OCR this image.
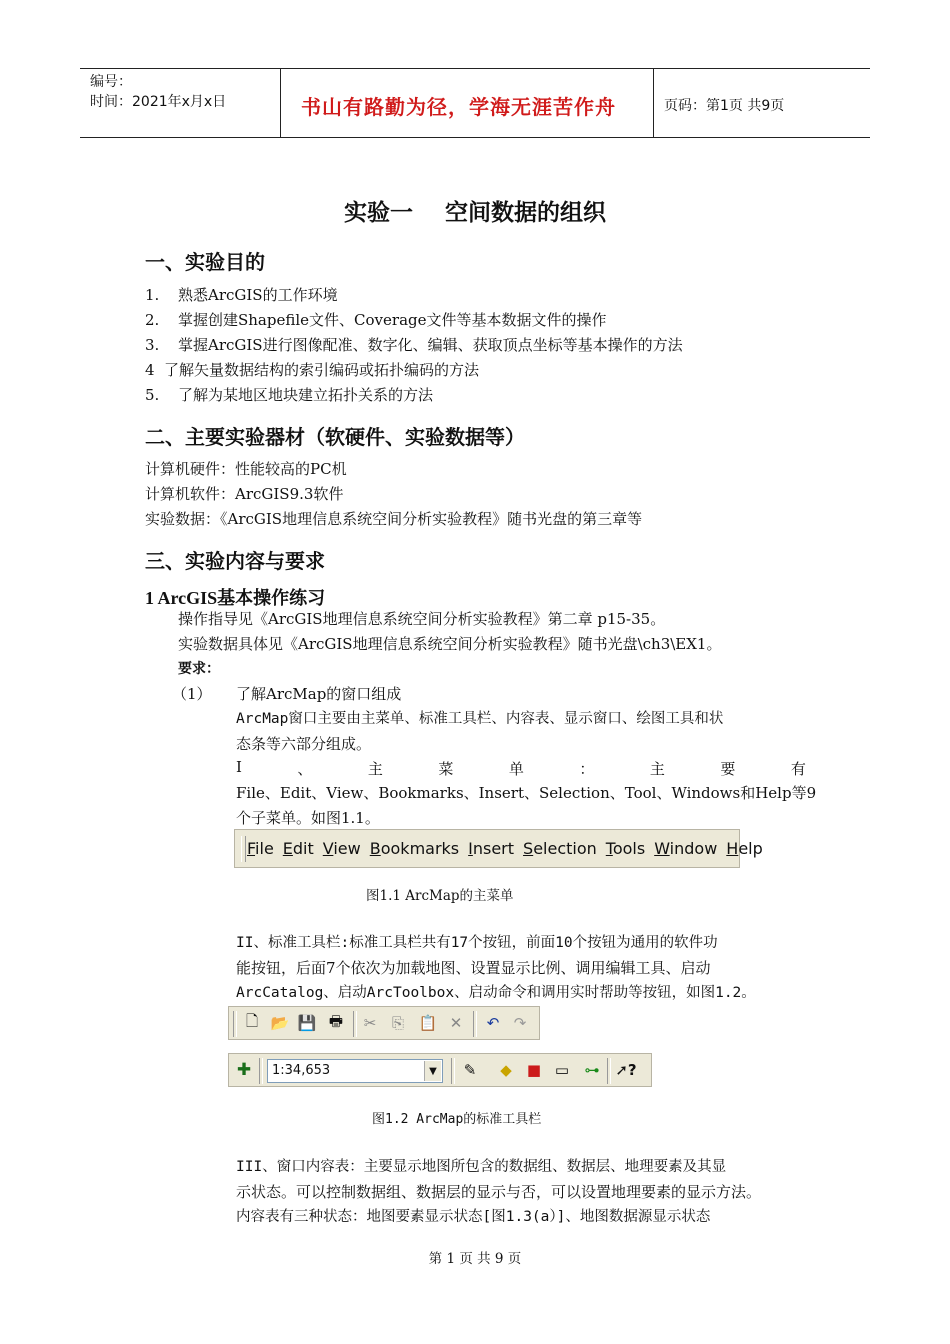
编号：
时间：2021年x月x日	书山有路勤为径，学海无涯苦作舟	页码：第1页 共9页
实验一    空间数据的组织
一、实验目的
1. 熟悉ArcGIS的工作环境
2. 掌握创建Shapefile文件、Coverage文件等基本数据文件的操作
3. 掌握ArcGIS进行图像配准、数字化、编辑、获取顶点坐标等基本操作的方法
4 了解矢量数据结构的索引编码或拓扑编码的方法
5. 了解为某地区地块建立拓扑关系的方法
二、主要实验器材（软硬件、实验数据等）
计算机硬件：性能较高的PC机
计算机软件：ArcGIS9.3软件
实验数据：《ArcGIS地理信息系统空间分析实验教程》随书光盘的第三章等
三、实验内容与要求
1 ArcGIS基本操作练习
操作指导见《ArcGIS地理信息系统空间分析实验教程》第二章 p15-35。
实验数据具体见《ArcGIS地理信息系统空间分析实验教程》随书光盘\ch3\EX1。
要求：
（1） 了解ArcMap的窗口组成
ArcMap窗口主要由主菜单、标准工具栏、内容表、显示窗口、绘图工具和状
态条等六部分组成。
I	、	主	菜	单	：	主	要	有
File、Edit、View、Bookmarks、Insert、Selection、Tool、Windows和Help等9
个子菜单。如图1.1。
File Edit View Bookmarks Insert Selection Tools Window Help
图1.1 ArcMap的主菜单
II、标准工具栏:标准工具栏共有17个按钮，前面10个按钮为通用的软件功
能按钮，后面7个依次为加载地图、设置显示比例、调用编辑工具、启动
ArcCatalog、启动ArcToolbox、启动命令和调用实时帮助等按钮，如图1.2。
🗋 📂 💾 🖶	✂	⎘ 📋 ✕	↶ ↷
✚	1:34,653	▼	✎	◆	■ ▭ ⊶ ➚?
图1.2 ArcMap的标准工具栏
III、窗口内容表：主要显示地图所包含的数据组、数据层、地理要素及其显
示状态。可以控制数据组、数据层的显示与否，可以设置地理要素的显示方法。
内容表有三种状态：地图要素显示状态[图1.3(a）]、地图数据源显示状态
第 1 页 共 9 页
